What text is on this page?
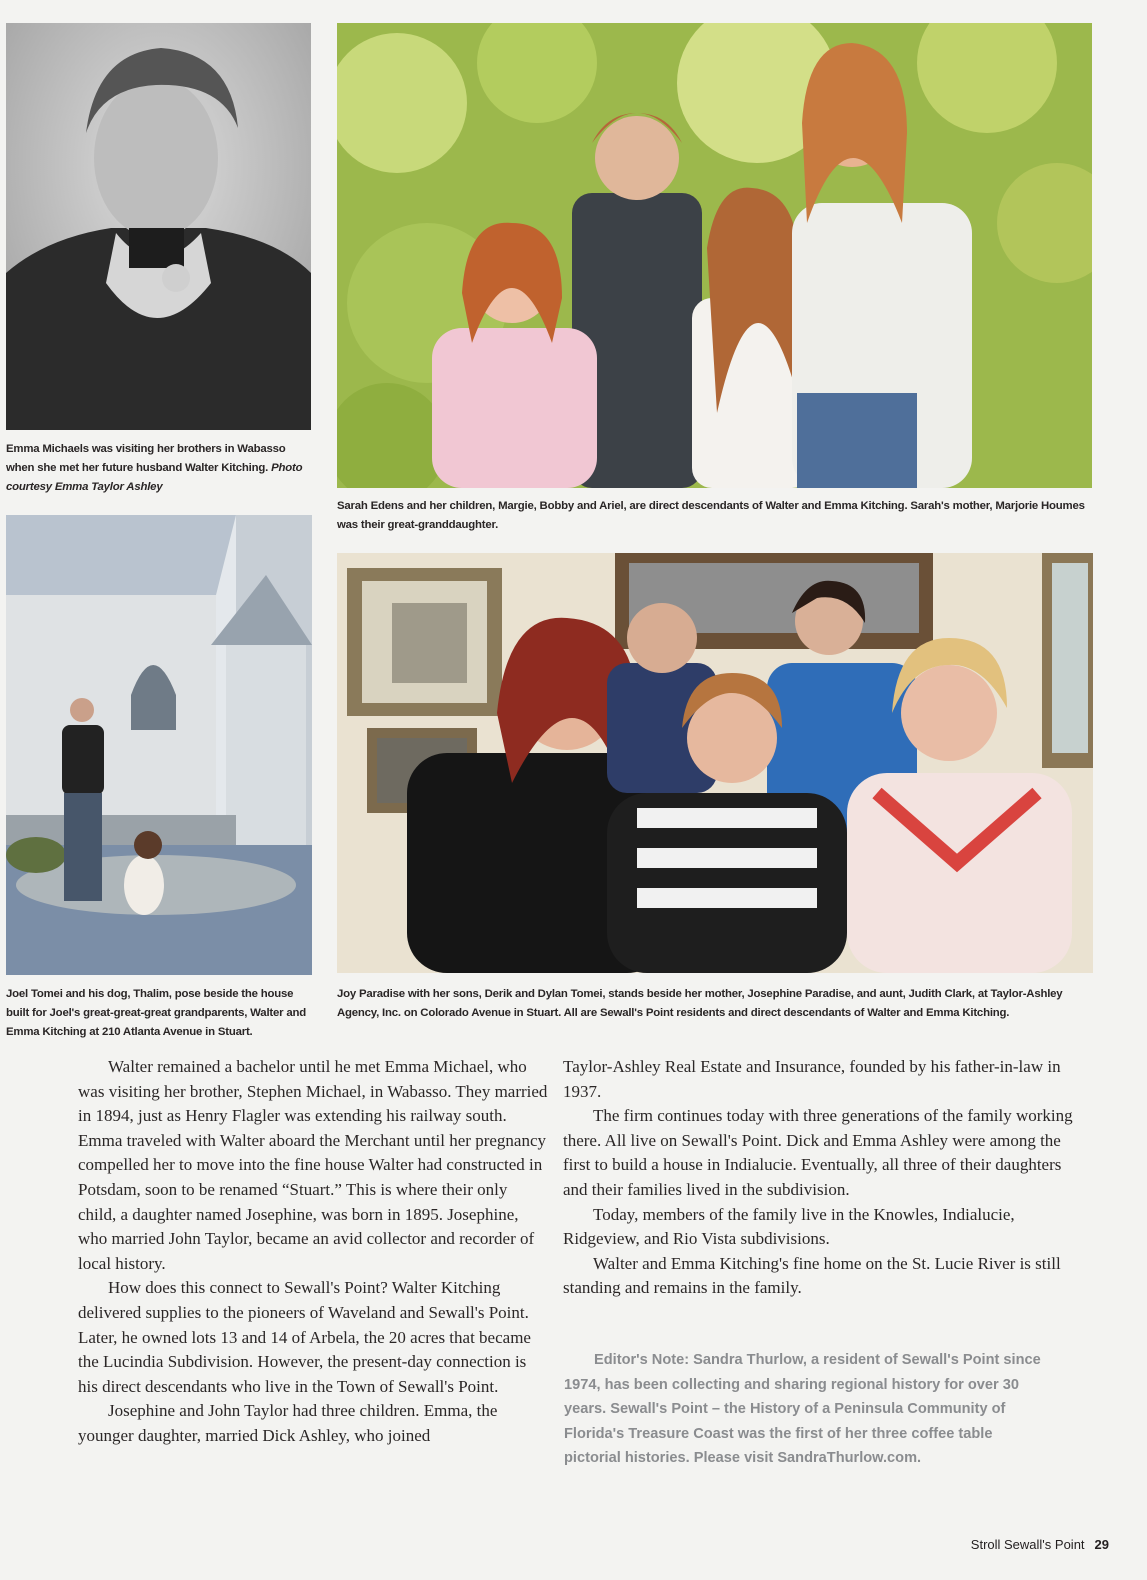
Emma Michaels was visiting her brothers in Wabasso when she met her future husband Walter Kitching. Photo courtesy Emma Taylor Ashley
Sarah Edens and her children, Margie, Bobby and Ariel, are direct descendants of Walter and Emma Kitching. Sarah's mother, Marjorie Houmes was their great-granddaughter.
Joel Tomei and his dog, Thalim, pose beside the house built for Joel's great-great-great grandparents, Walter and Emma Kitching at 210 Atlanta Avenue in Stuart.
Joy Paradise with her sons, Derik and Dylan Tomei, stands beside her mother, Josephine Paradise, and aunt, Judith Clark, at Taylor-Ashley Agency, Inc. on Colorado Avenue in Stuart. All are Sewall's Point residents and direct descendants of Walter and Emma Kitching.

Walter remained a bachelor until he met Emma Michael, who was visiting her brother, Stephen Michael, in Wabasso. They married in 1894, just as Henry Flagler was extending his railway south. Emma traveled with Walter aboard the Merchant until her pregnancy compelled her to move into the fine house Walter had constructed in Potsdam, soon to be renamed “Stuart.” This is where their only child, a daughter named Josephine, was born in 1895. Josephine, who married John Taylor, became an avid collector and recorder of local history.

How does this connect to Sewall's Point? Walter Kitching delivered supplies to the pioneers of Waveland and Sewall's Point. Later, he owned lots 13 and 14 of Arbela, the 20 acres that became the Lucindia Subdivision. However, the present-day connection is his direct descendants who live in the Town of Sewall's Point.

Josephine and John Taylor had three children. Emma, the younger daughter, married Dick Ashley, who joined

Taylor-Ashley Real Estate and Insurance, founded by his father-in-law in 1937.

The firm continues today with three generations of the family working there. All live on Sewall's Point. Dick and Emma Ashley were among the first to build a house in Indialucie. Eventually, all three of their daughters and their families lived in the subdivision.

Today, members of the family live in the Knowles, Indialucie, Ridgeview, and Rio Vista subdivisions.

Walter and Emma Kitching's fine home on the St. Lucie River is still standing and remains in the family.

Editor's Note: Sandra Thurlow, a resident of Sewall's Point since 1974, has been collecting and sharing regional history for over 30 years. Sewall's Point – the History of a Peninsula Community of Florida's Treasure Coast was the first of her three coffee table pictorial histories. Please visit SandraThurlow.com.
Stroll Sewall's Point 29
